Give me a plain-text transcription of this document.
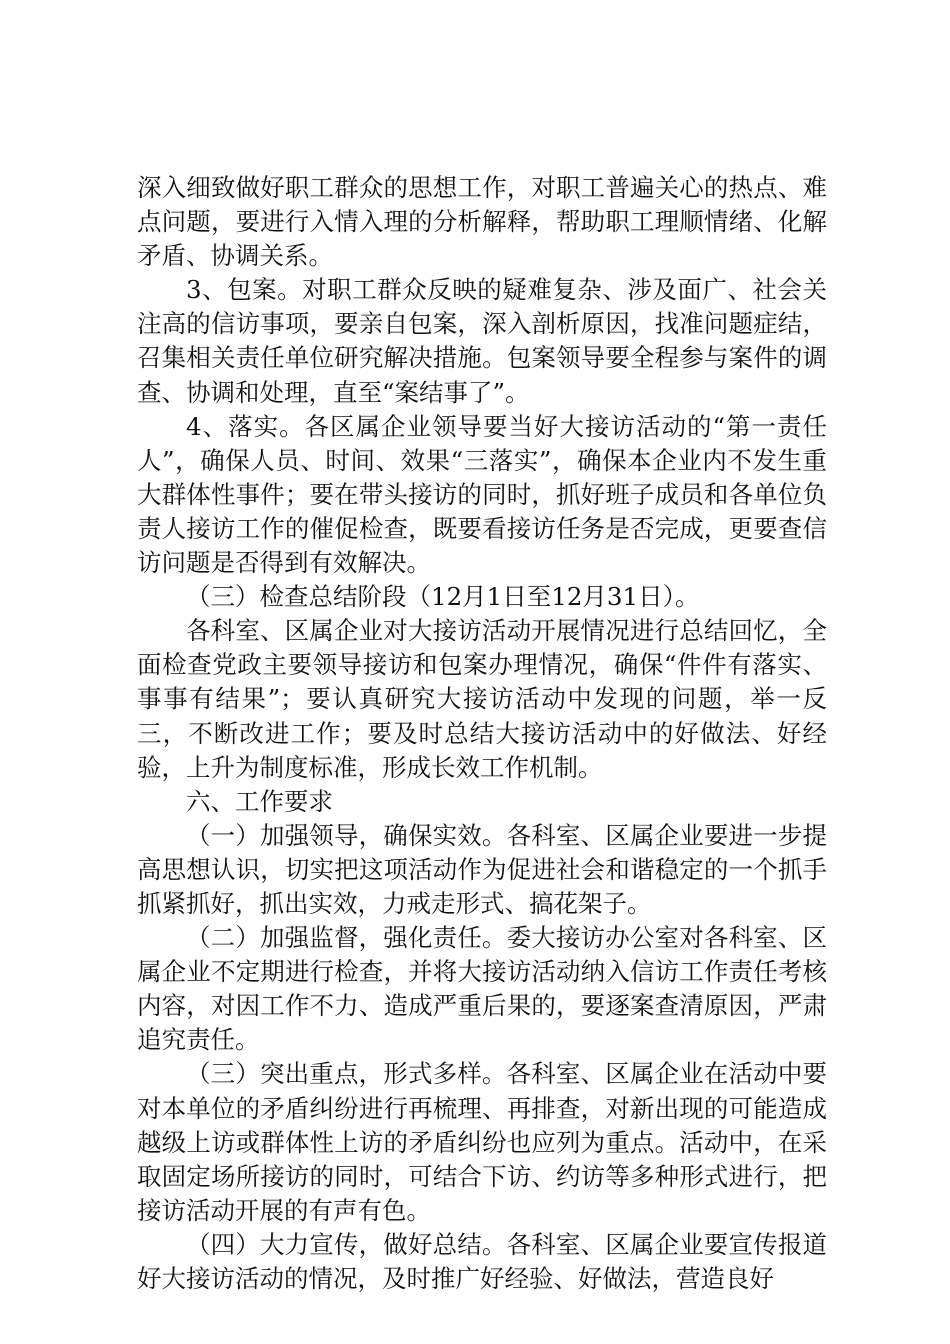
深入细致做好职工群众的思想工作，对职工普遍关心的热点、难点问题，要进行入情入理的分析解释，帮助职工理顺情绪、化解矛盾、协调关系。

3、包案。对职工群众反映的疑难复杂、涉及面广、社会关注高的信访事项，要亲自包案，深入剖析原因，找准问题症结，召集相关责任单位研究解决措施。包案领导要全程参与案件的调查、协调和处理，直至“案结事了”。

4、落实。各区属企业领导要当好大接访活动的“第一责任人”，确保人员、时间、效果“三落实”，确保本企业内不发生重大群体性事件；要在带头接访的同时，抓好班子成员和各单位负责人接访工作的催促检查，既要看接访任务是否完成，更要查信访问题是否得到有效解决。

（三）检查总结阶段（12月1日至12月31日）。

各科室、区属企业对大接访活动开展情况进行总结回忆，全面检查党政主要领导接访和包案办理情况，确保“件件有落实、事事有结果”；要认真研究大接访活动中发现的问题，举一反三，不断改进工作；要及时总结大接访活动中的好做法、好经验，上升为制度标准，形成长效工作机制。

六、工作要求

（一）加强领导，确保实效。各科室、区属企业要进一步提高思想认识，切实把这项活动作为促进社会和谐稳定的一个抓手抓紧抓好，抓出实效，力戒走形式、搞花架子。

（二）加强监督，强化责任。委大接访办公室对各科室、区属企业不定期进行检查，并将大接访活动纳入信访工作责任考核内容，对因工作不力、造成严重后果的，要逐案查清原因，严肃追究责任。

（三）突出重点，形式多样。各科室、区属企业在活动中要对本单位的矛盾纠纷进行再梳理、再排查，对新出现的可能造成越级上访或群体性上访的矛盾纠纷也应列为重点。活动中，在采取固定场所接访的同时，可结合下访、约访等多种形式进行，把接访活动开展的有声有色。

（四）大力宣传，做好总结。各科室、区属企业要宣传报道好大接访活动的情况，及时推广好经验、好做法，营造良好
